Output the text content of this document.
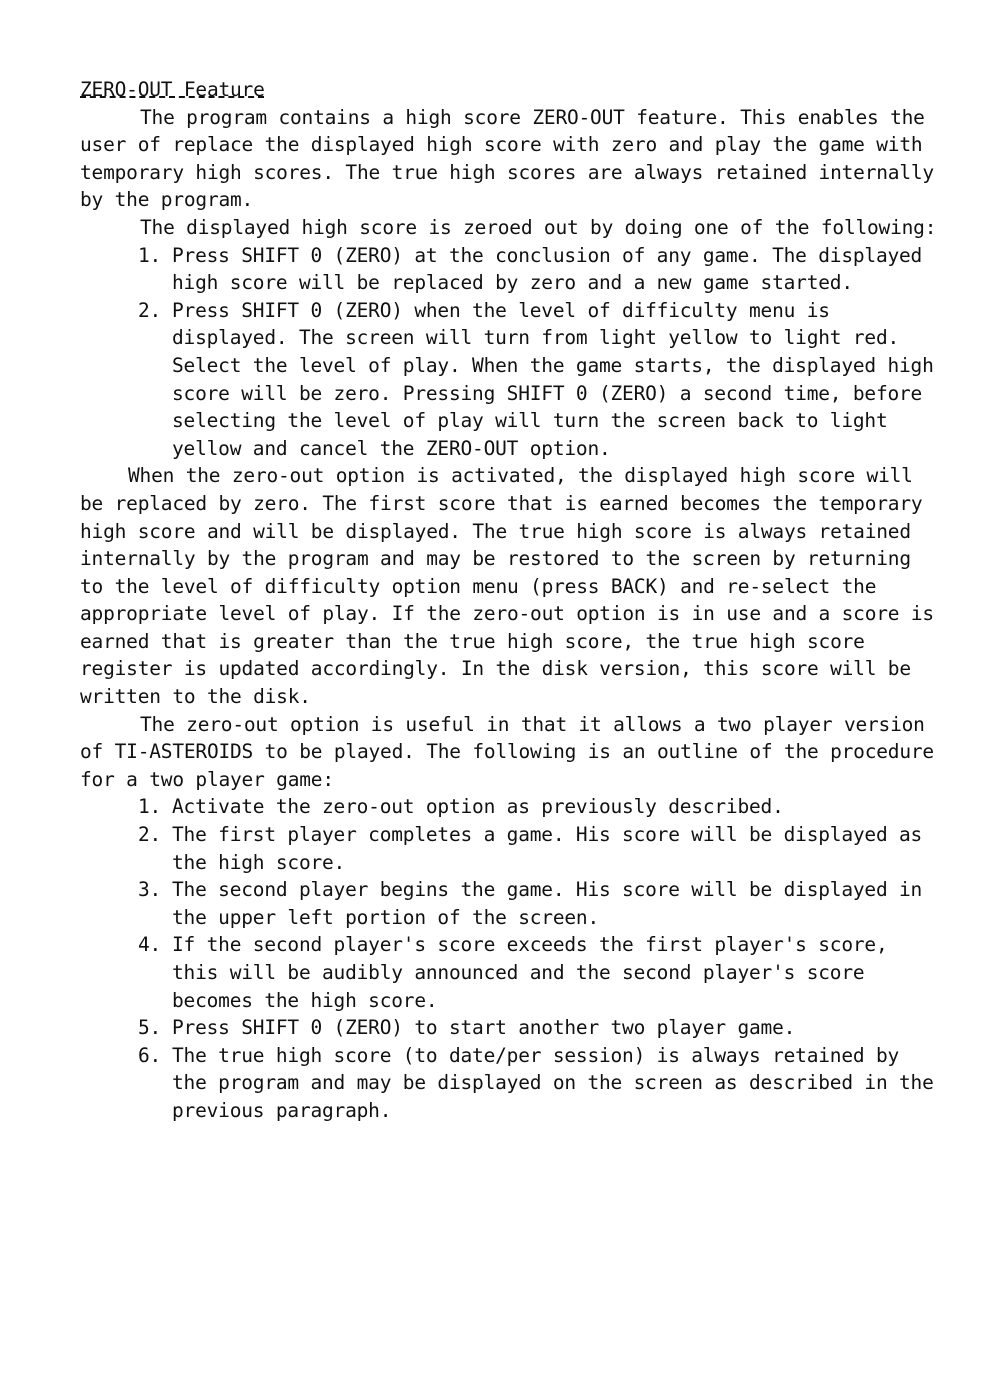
ZERO-OUT Feature

The program contains a high score ZERO-OUT feature. This enables the user of replace the displayed high score with zero and play the game with temporary high scores. The true high scores are always retained internally by the program.

The displayed high score is zeroed out by doing one of the following:

1. Press SHIFT 0 (ZERO) at the conclusion of any game. The displayed high score will be replaced by zero and a new game started.
2. Press SHIFT 0 (ZERO) when the level of difficulty menu is displayed. The screen will turn from light yellow to light red. Select the level of play. When the game starts, the displayed high score will be zero. Pressing SHIFT 0 (ZERO) a second time, before selecting the level of play will turn the screen back to light yellow and cancel the ZERO-OUT option.

When the zero-out option is activated, the displayed high score will be replaced by zero. The first score that is earned becomes the temporary high score and will be displayed. The true high score is always retained internally by the program and may be restored to the screen by returning to the level of difficulty option menu (press BACK) and re-select the appropriate level of play. If the zero-out option is in use and a score is earned that is greater than the true high score, the true high score register is updated accordingly. In the disk version, this score will be written to the disk.

The zero-out option is useful in that it allows a two player version of TI-ASTEROIDS to be played. The following is an outline of the procedure for a two player game:

1. Activate the zero-out option as previously described.
2. The first player completes a game. His score will be displayed as the high score.
3. The second player begins the game. His score will be displayed in the upper left portion of the screen.
4. If the second player's score exceeds the first player's score, this will be audibly announced and the second player's score becomes the high score.
5. Press SHIFT 0 (ZERO) to start another two player game.
6. The true high score (to date/per session) is always retained by the program and may be displayed on the screen as described in the previous paragraph.
